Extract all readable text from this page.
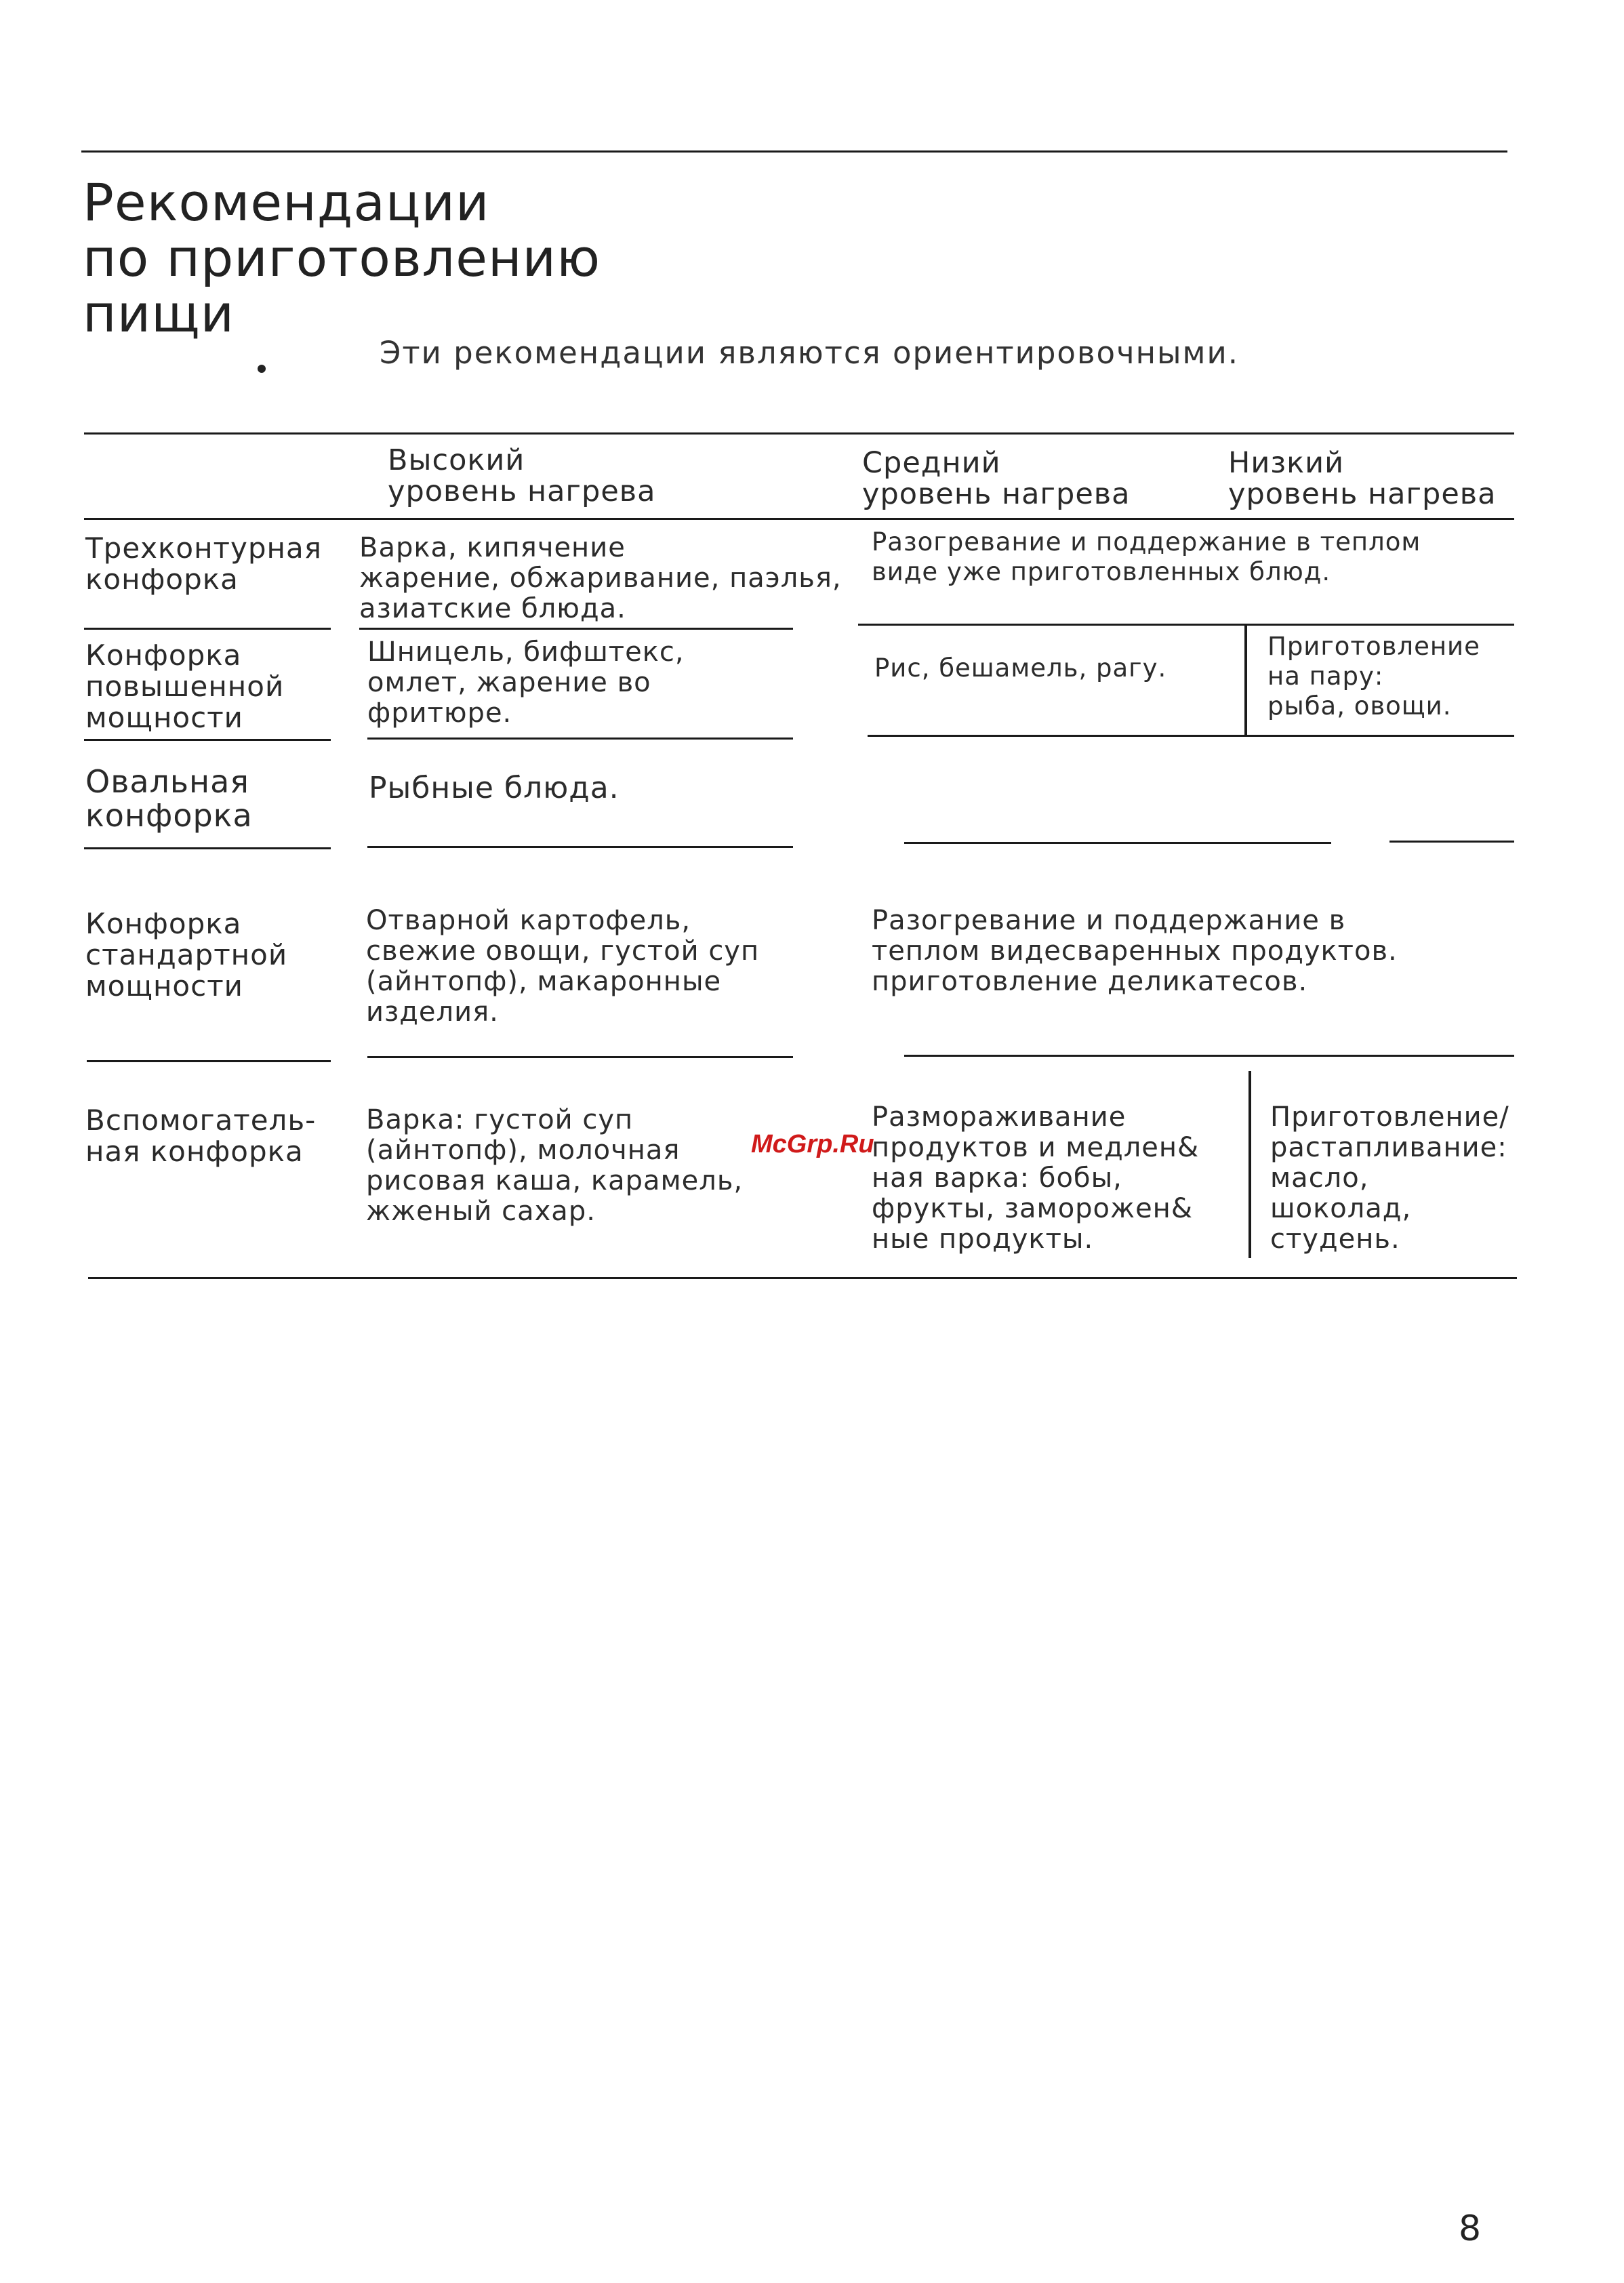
Рекомендации
по приготовлению
пищи
Эти рекомендации являются ориентировочными.
Высокий
уровень нагрева
Средний
уровень нагрева
Низкий
уровень нагрева
Трехконтурная
конфорка
Варка, кипячение
жарение, обжаривание, паэлья,
азиатские блюда.
Разогревание и поддержание в теплом
виде уже приготовленных блюд.
Конфорка
повышенной
мощности
Шницель, бифштекс,
омлет, жарение во
фритюре.
Рис, бешамель, рагу.
Приготовление
на пару:
рыба, овощи.
Овальная
конфорка
Рыбные блюда.
Конфорка
стандартной
мощности
Отварной картофель,
свежие овощи, густой суп
(айнтопф), макаронные
изделия.
Разогревание и поддержание в
теплом видесваренных продуктов.
приготовление деликатесов.
Вспомогатель-
ная конфорка
Варка: густой суп
(айнтопф), молочная
рисовая каша, карамель,
жженый сахар.
Размораживание
продуктов и медлен&
ная варка: бобы,
фрукты, заморожен&
ные продукты.
Приготовление/
растапливание:
масло,
шоколад,
студень.
McGrp.Ru
8
